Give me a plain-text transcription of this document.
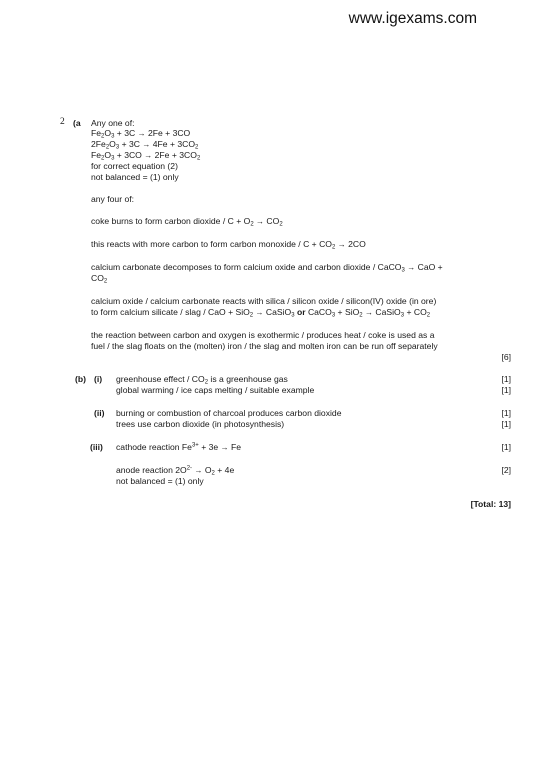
www.igexams.com
2 (a Any one of:
$Fe_2O_3 + 3C \to 2Fe + 3CO$
$2Fe_2O_3 + 3C \to 4Fe + 3CO_2$
$Fe_2O_3 + 3CO \to 2Fe + 3CO_2$
for correct equation (2)
not balanced = (1) only
any four of:
coke burns to form carbon dioxide / $C + O_2 \to CO_2$
this reacts with more carbon to form carbon monoxide / $C + CO_2 \to 2CO$
calcium carbonate decomposes to form calcium oxide and carbon dioxide / CaCO$_3$ → CaO +
$CO_2$
calcium oxide / calcium carbonate reacts with silica / silicon oxide / silicon(IV) oxide (in ore)
to form calcium silicate / slag / CaO + SiO$_2$ → CaSiO$_3$ or CaCO$_3$ + SiO$_2$ → CaSiO$_3$ + $CO_2$
the reaction between carbon and oxygen is exothermic / produces heat / coke is used as a
fuel / the slag floats on the (molten) iron / the slag and molten iron can be run off separately
[6]
(b) (i) greenhouse effect / $CO_2$ is a greenhouse gas	[1]
global warming / ice caps melting / suitable example	[1]
(ii) burning or combustion of charcoal produces carbon dioxide	[1]
trees use carbon dioxide (in photosynthesis)	[1]
(iii) cathode reaction $Fe^{3+} + 3e \to Fe$	[1]
anode reaction $2O^{2-} \to O_2 + 4e$	[2]
not balanced = (1) only
[Total: 13]
